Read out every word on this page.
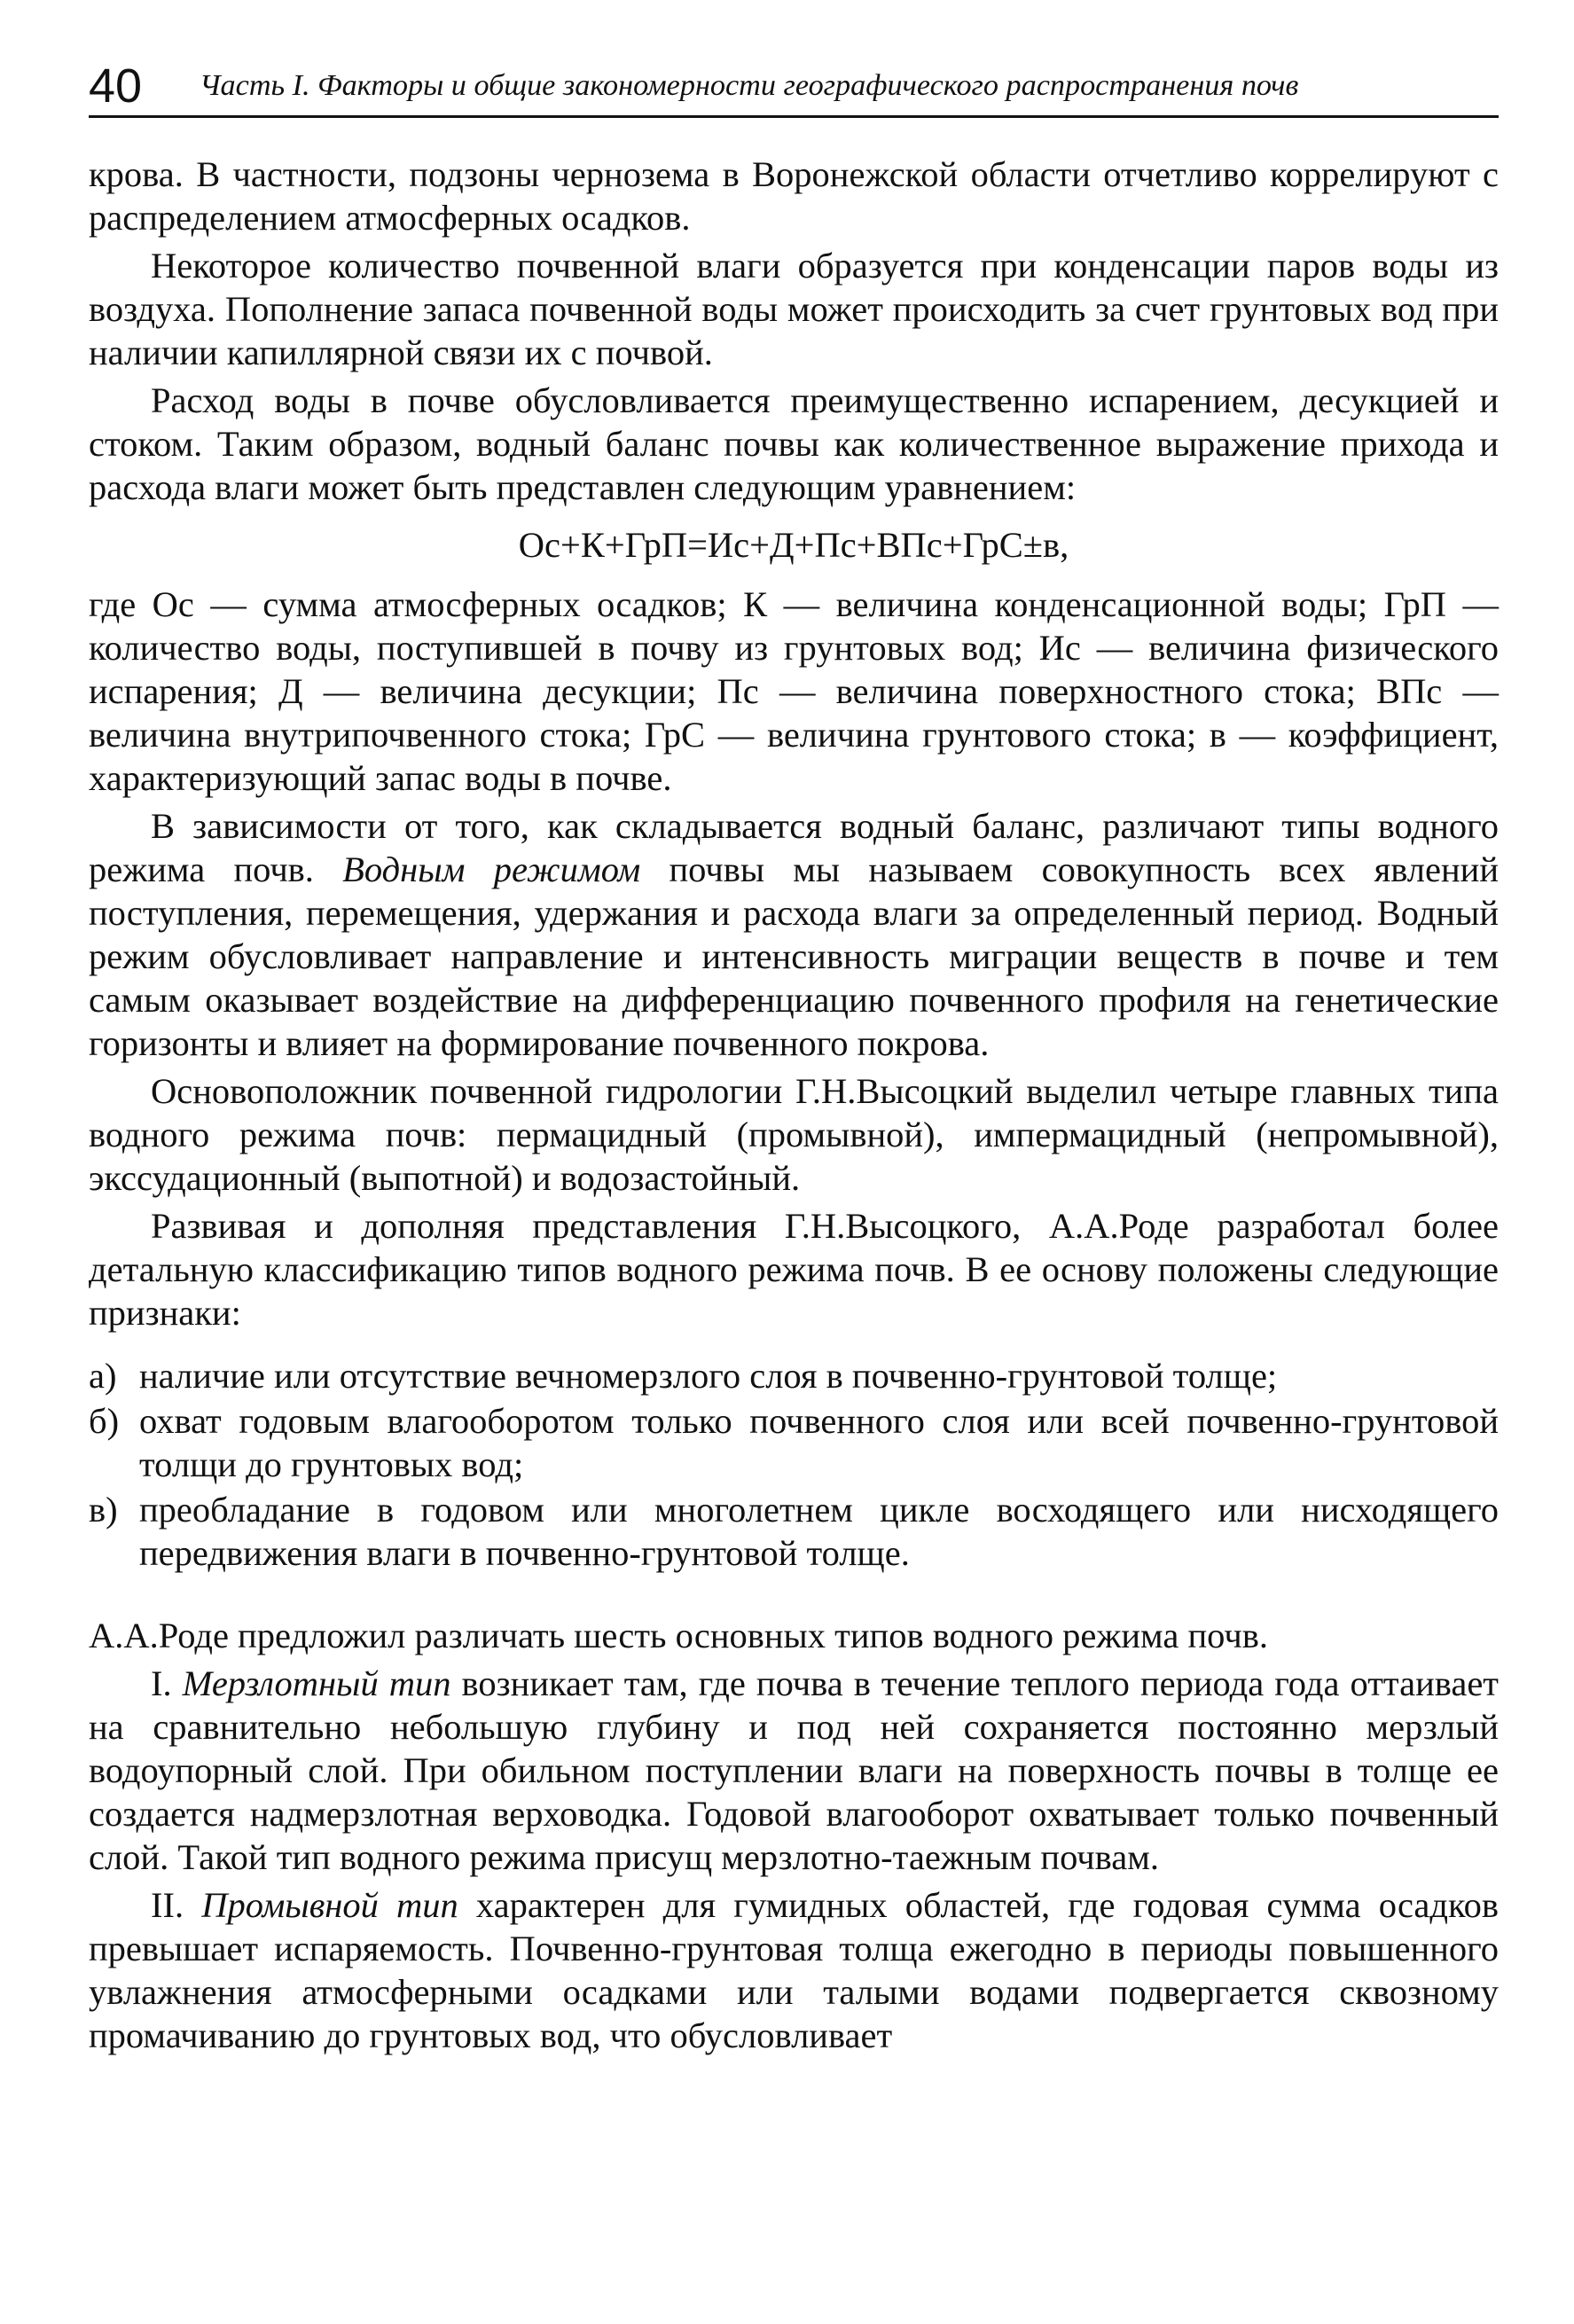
40 Часть I. Факторы и общие закономерности географического распространения почв

крова. В частности, подзоны чернозема в Воронежской области отчетливо коррелируют с распределением атмосферных осадков.

Некоторое количество почвенной влаги образуется при конденсации паров воды из воздуха. Пополнение запаса почвенной воды может происходить за счет грунтовых вод при наличии капиллярной связи их с почвой.

Расход воды в почве обусловливается преимущественно испарением, десукцией и стоком. Таким образом, водный баланс почвы как количественное выражение прихода и расхода влаги может быть представлен следующим уравнением:

Ос+К+ГрП=Ис+Д+Пс+ВПс+ГрС±в,

где Ос — сумма атмосферных осадков; К — величина конденсационной воды; ГрП — количество воды, поступившей в почву из грунтовых вод; Ис — величина физического испарения; Д — величина десукции; Пс — величина поверхностного стока; ВПс — величина внутрипочвенного стока; ГрС — величина грунтового стока; в — коэффициент, характеризующий запас воды в почве.

В зависимости от того, как складывается водный баланс, различают типы водного режима почв. Водным режимом почвы мы называем совокупность всех явлений поступления, перемещения, удержания и расхода влаги за определенный период. Водный режим обусловливает направление и интенсивность миграции веществ в почве и тем самым оказывает воздействие на дифференциацию почвенного профиля на генетические горизонты и влияет на формирование почвенного покрова.

Основоположник почвенной гидрологии Г.Н.Высоцкий выделил четыре главных типа водного режима почв: пермацидный (промывной), импермацидный (непромывной), экссудационный (выпотной) и водозастойный.

Развивая и дополняя представления Г.Н.Высоцкого, А.А.Роде разработал более детальную классификацию типов водного режима почв. В ее основу положены следующие признаки:

а) наличие или отсутствие вечномерзлого слоя в почвенно-грунтовой толще;
б) охват годовым влагооборотом только почвенного слоя или всей почвенно-грунтовой толщи до грунтовых вод;
в) преобладание в годовом или многолетнем цикле восходящего или нисходящего передвижения влаги в почвенно-грунтовой толще.

А.А.Роде предложил различать шесть основных типов водного режима почв.

I. Мерзлотный тип возникает там, где почва в течение теплого периода года оттаивает на сравнительно небольшую глубину и под ней сохраняется постоянно мерзлый водоупорный слой. При обильном поступлении влаги на поверхность почвы в толще ее создается надмерзлотная верховодка. Годовой влагооборот охватывает только почвенный слой. Такой тип водного режима присущ мерзлотно-таежным почвам.

II. Промывной тип характерен для гумидных областей, где годовая сумма осадков превышает испаряемость. Почвенно-грунтовая толща ежегодно в периоды повышенного увлажнения атмосферными осадками или талыми водами подвергается сквозному промачиванию до грунтовых вод, что обусловливает
